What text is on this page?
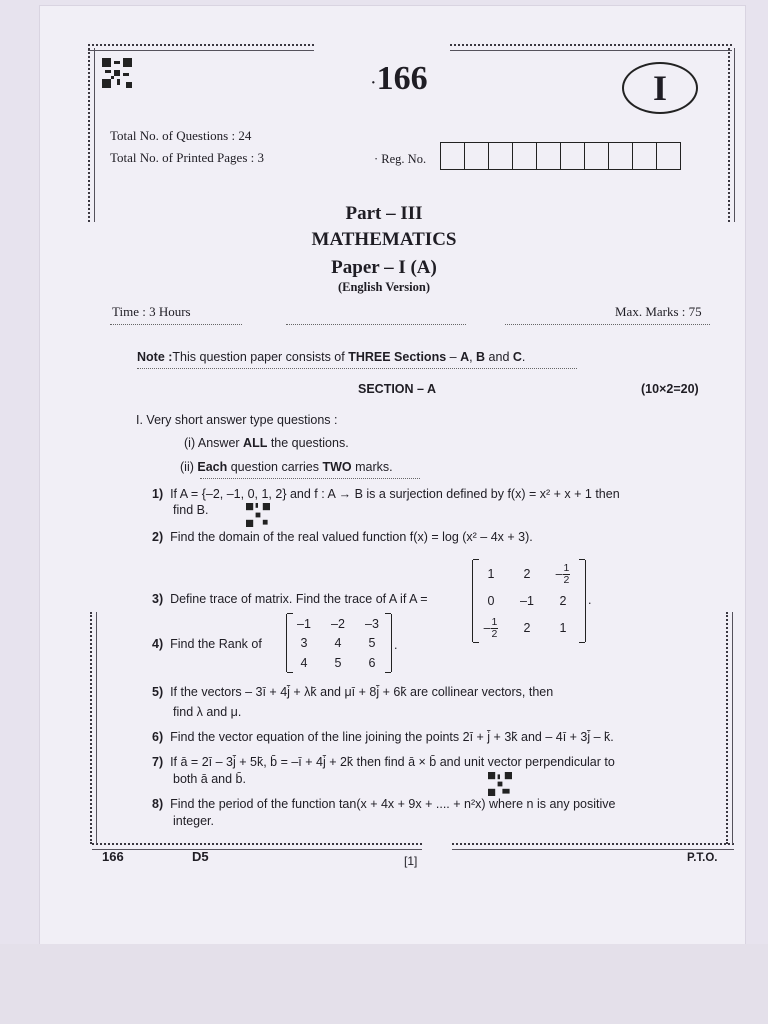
·166	I
Total No. of Questions : 24
Total No. of Printed Pages : 3	· Reg. No.
Part – III
MATHEMATICS
Paper – I (A)
(English Version)
Time : 3 Hours	Max. Marks : 75
Note :This question paper consists of THREE Sections – A, B and C.
SECTION – A	(10×2=20)
I. Very short answer type questions :
(i) Answer ALL the questions.
(ii) Each question carries TWO marks.
1) If A = {–2, –1, 0, 1, 2} and f : A → B is a surjection defined by f(x) = x² + x + 1 then
find B.
2) Find the domain of the real valued function f(x) = log (x² – 4x + 3).
3) Define trace of matrix. Find the trace of A if A =
1	2	– $\frac{1}{2}$
0	–1	2
– $\frac{1}{2}$	2	1
.
4) Find the Rank of
–1	–2	–3
3	4	5
4	5	6
.
5) If the vectors – 3ī + 4j̄ + λk̄ and μī + 8j̄ + 6k̄ are collinear vectors, then
find λ and μ.
6) Find the vector equation of the line joining the points 2ī + j̄ + 3k̄ and – 4ī + 3j̄ – k̄.
7) If ā = 2ī – 3j̄ + 5k̄, b̄ = –ī + 4j̄ + 2k̄ then find ā × b̄ and unit vector perpendicular to
both ā and b̄.
8) Find the period of the function tan(x + 4x + 9x + .... + n²x) where n is any positive
integer.
166	D5	[1]	P.T.O.
